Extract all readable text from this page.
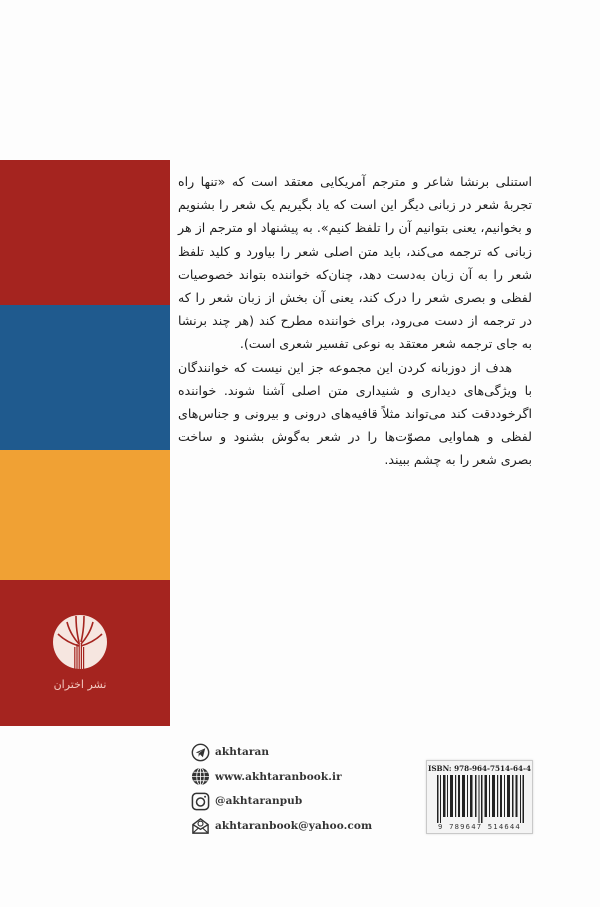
نشر اختران

استنلی برنشا شاعر و مترجم آمریکایی معتقد است که «تنها راه تجربهٔ شعر در زبانی دیگر این است که یاد بگیریم یک شعر را بشنویم و بخوانیم، یعنی بتوانیم آن را تلفظ کنیم». به پیشنهاد او مترجم از هر زبانی که ترجمه می‌کند، باید متن اصلی شعر را بیاورد و کلید تلفظ شعر را به آن زبان به‌دست دهد، چنان‌که خواننده بتواند خصوصیات لفظی و بصری شعر را درک کند، یعنی آن بخش از زبان شعر را که در ترجمه از دست می‌رود، برای خواننده مطرح کند (هر چند برنشا به جای ترجمه شعر معتقد به نوعی تفسیر شعری است).

هدف از دوزبانه کردن این مجموعه جز این نیست که خوانندگان با ویژگی‌های دیداری و شنیداری متن اصلی آشنا شوند. خواننده اگرخوددقت کند می‌تواند مثلاً قافیه‌های درونی و بیرونی و جناس‌های لفظی و هماوایی مصوّت‌ها را در شعر به‌گوش بشنود و ساخت بصری شعر را به چشم ببیند.

akhtaran
www.akhtaranbook.ir
@akhtaranpub
akhtaranbook@yahoo.com
ISBN: 978-964-7514-64-4
9 789647 514644
